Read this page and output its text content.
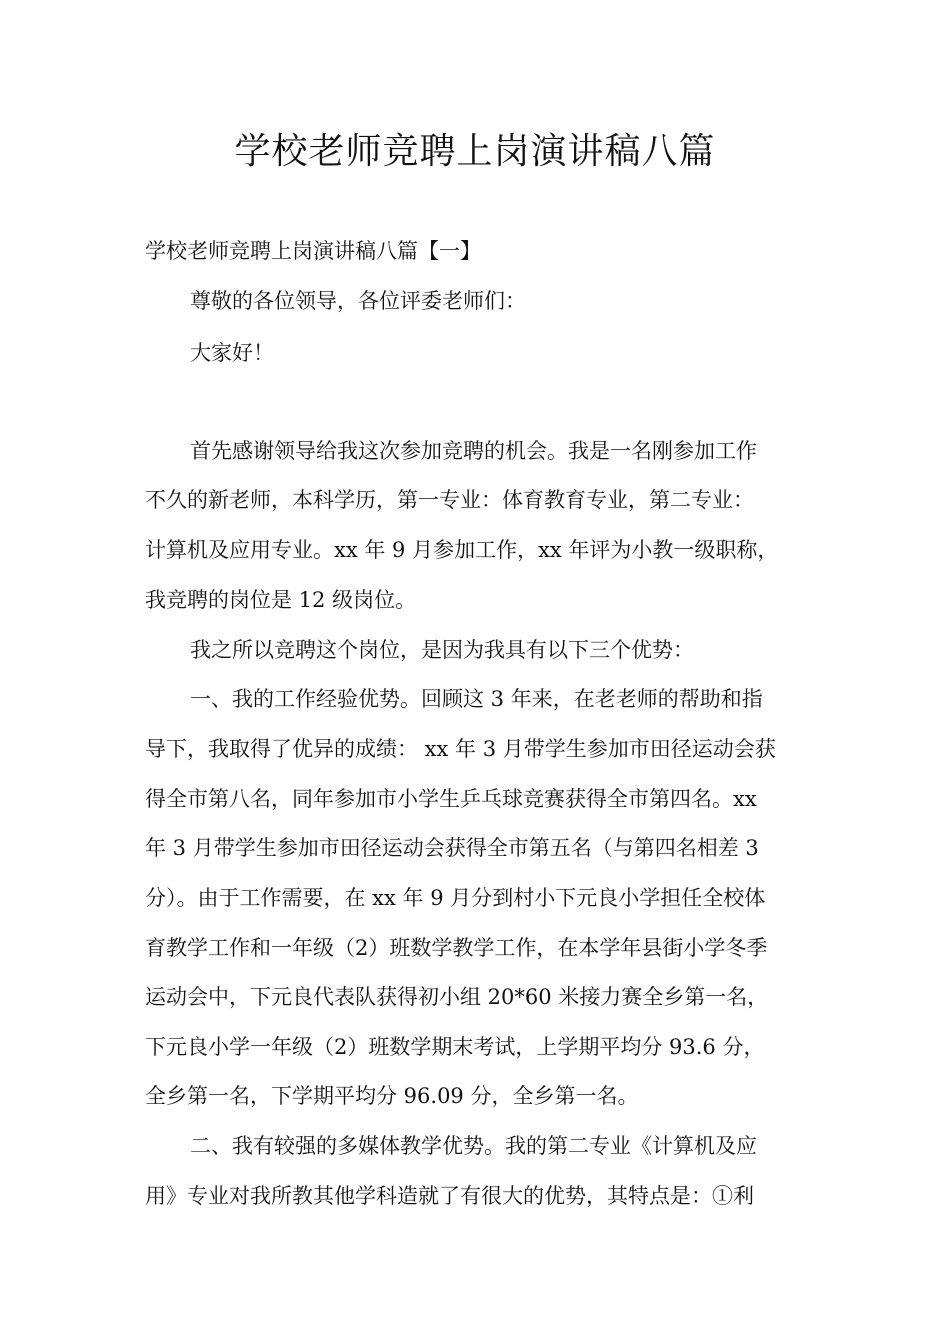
学校老师竞聘上岗演讲稿八篇

学校老师竞聘上岗演讲稿八篇【一】

尊敬的各位领导，各位评委老师们：

大家好！

首先感谢领导给我这次参加竞聘的机会。我是一名刚参加工作

不久的新老师，本科学历，第一专业：体育教育专业，第二专业：

计算机及应用专业。xx 年 9 月参加工作，xx 年评为小教一级职称，

我竞聘的岗位是 12 级岗位。

我之所以竞聘这个岗位，是因为我具有以下三个优势：

一、我的工作经验优势。回顾这 3 年来，在老老师的帮助和指

导下，我取得了优异的成绩： xx 年 3 月带学生参加市田径运动会获

得全市第八名，同年参加市小学生乒乓球竞赛获得全市第四名。xx

年 3 月带学生参加市田径运动会获得全市第五名（与第四名相差 3

分）。由于工作需要，在 xx 年 9 月分到村小下元良小学担任全校体

育教学工作和一年级（2）班数学教学工作，在本学年县街小学冬季

运动会中，下元良代表队获得初小组 20*60 米接力赛全乡第一名，

下元良小学一年级（2）班数学期末考试，上学期平均分 93.6 分，

全乡第一名，下学期平均分 96.09 分，全乡第一名。

二、我有较强的多媒体教学优势。我的第二专业《计算机及应

用》专业对我所教其他学科造就了有很大的优势，其特点是：①利
